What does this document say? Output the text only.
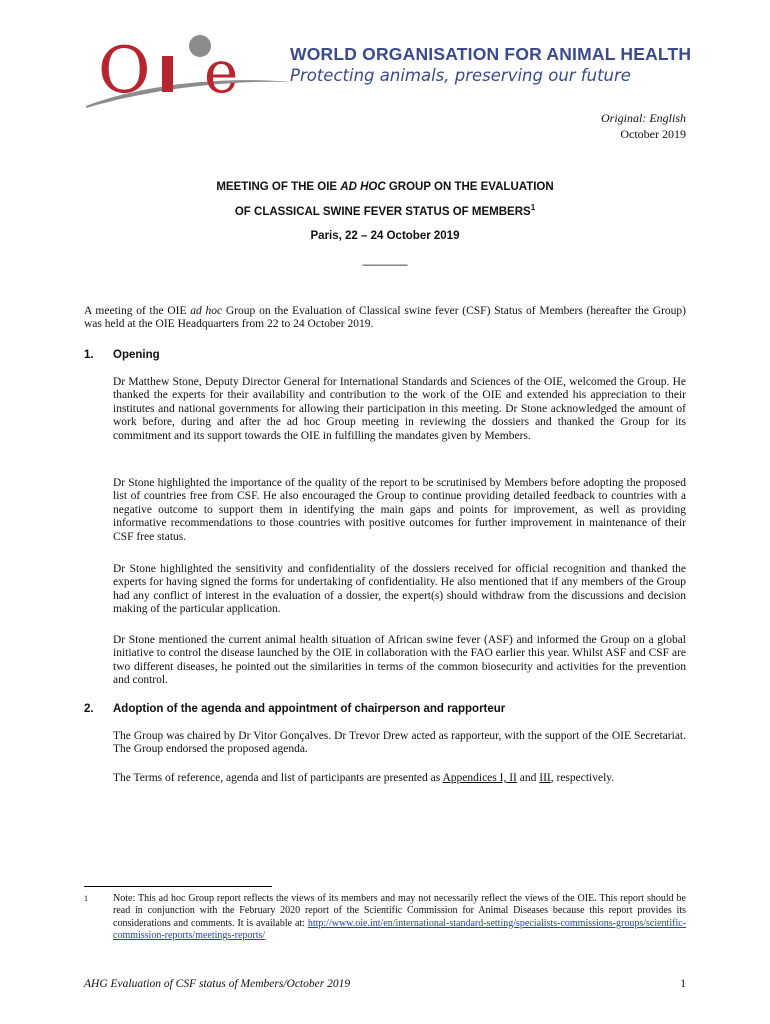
O e	WORLD ORGANISATION FOR ANIMAL HEALTH
Protecting animals, preserving our future
Original: English
October 2019
MEETING OF THE OIE AD HOC GROUP ON THE EVALUATION
OF CLASSICAL SWINE FEVER STATUS OF MEMBERS$^1$
Paris, 22 – 24 October 2019
_______
A meeting of the OIE ad hoc Group on the Evaluation of Classical swine fever (CSF) Status of Members (hereafter the Group) was held at the OIE Headquarters from 22 to 24 October 2019.
1. Opening
Dr Matthew Stone, Deputy Director General for International Standards and Sciences of the OIE, welcomed the Group. He thanked the experts for their availability and contribution to the work of the OIE and extended his appreciation to their institutes and national governments for allowing their participation in this meeting. Dr Stone acknowledged the amount of work before, during and after the ad hoc Group meeting in reviewing the dossiers and thanked the Group for its commitment and its support towards the OIE in fulfilling the mandates given by Members.
Dr Stone highlighted the importance of the quality of the report to be scrutinised by Members before adopting the proposed list of countries free from CSF. He also encouraged the Group to continue providing detailed feedback to countries with a negative outcome to support them in identifying the main gaps and points for improvement, as well as providing informative recommendations to those countries with positive outcomes for further improvement in maintenance of their CSF free status.
Dr Stone highlighted the sensitivity and confidentiality of the dossiers received for official recognition and thanked the experts for having signed the forms for undertaking of confidentiality. He also mentioned that if any members of the Group had any conflict of interest in the evaluation of a dossier, the expert(s) should withdraw from the discussions and decision making of the particular application.
Dr Stone mentioned the current animal health situation of African swine fever (ASF) and informed the Group on a global initiative to control the disease launched by the OIE in collaboration with the FAO earlier this year. Whilst ASF and CSF are two different diseases, he pointed out the similarities in terms of the common biosecurity and activities for the prevention and control.
2. Adoption of the agenda and appointment of chairperson and rapporteur
The Group was chaired by Dr Vitor Gonçalves. Dr Trevor Drew acted as rapporteur, with the support of the OIE Secretariat. The Group endorsed the proposed agenda.
The Terms of reference, agenda and list of participants are presented as Appendices I, II and III, respectively.
1	Note: This ad hoc Group report reflects the views of its members and may not necessarily reflect the views of the OIE. This report should be read in conjunction with the February 2020 report of the Scientific Commission for Animal Diseases because this report provides its considerations and comments. It is available at: http://www.oie.int/en/international-standard-setting/specialists-commissions-groups/scientific-commission-reports/meetings-reports/
AHG Evaluation of CSF status of Members/October 2019	1
